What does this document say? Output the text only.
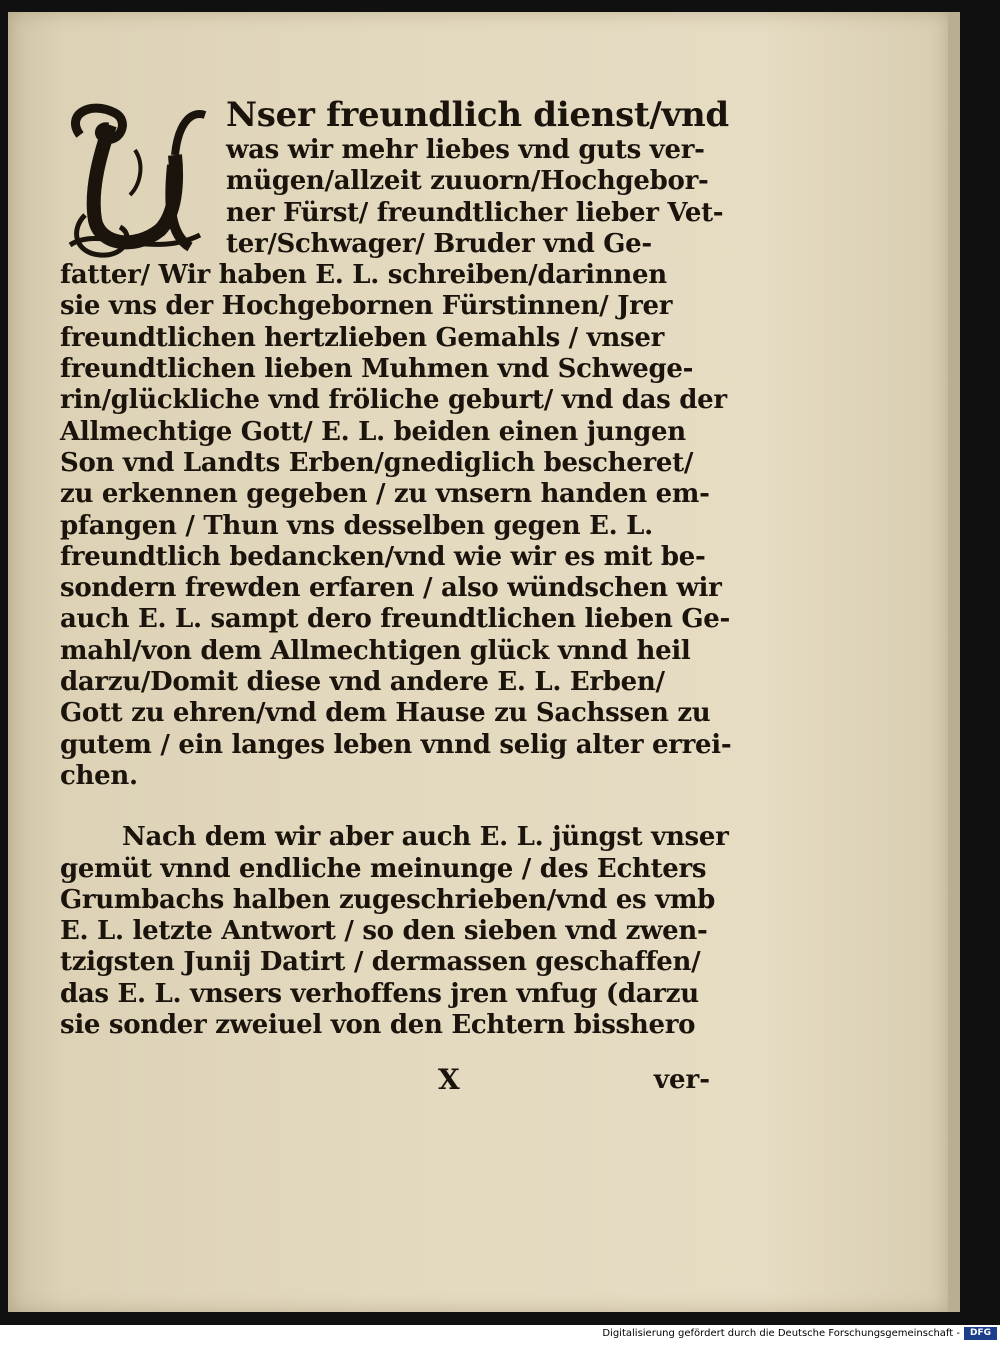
Nser freundlich dienst/vnd
was wir mehr liebes vnd guts ver-
mügen/allzeit zuuorn/Hochgebor-
ner Fürst/ freundtlicher lieber Vet-
ter/Schwager/ Bruder vnd Ge-
fatter/ Wir haben E. L. schreiben/darinnen
sie vns der Hochgebornen Fürstinnen/ Jrer
freundtlichen hertzlieben Gemahls / vnser
freundtlichen lieben Muhmen vnd Schwege-
rin/glückliche vnd fröliche geburt/ vnd das der
Allmechtige Gott/ E. L. beiden einen jungen
Son vnd Landts Erben/gnediglich bescheret/
zu erkennen gegeben / zu vnsern handen em-
pfangen / Thun vns desselben gegen E. L.
freundtlich bedancken/vnd wie wir es mit be-
sondern frewden erfaren / also wündschen wir
auch E. L. sampt dero freundtlichen lieben Ge-
mahl/von dem Allmechtigen glück vnnd heil
darzu/Domit diese vnd andere E. L. Erben/
Gott zu ehren/vnd dem Hause zu Sachssen zu
gutem / ein langes leben vnnd selig alter errei-
chen.
Nach dem wir aber auch E. L. jüngst vnser
gemüt vnnd endliche meinunge / des Echters
Grumbachs halben zugeschrieben/vnd es vmb
E. L. letzte Antwort / so den sieben vnd zwen-
tzigsten Junij Datirt / dermassen geschaffen/
das E. L. vnsers verhoffens jren vnfug (darzu
sie sonder zweiuel von den Echtern bisshero
X	ver-
Digitalisierung gefördert durch die Deutsche Forschungsgemeinschaft -	DFG
